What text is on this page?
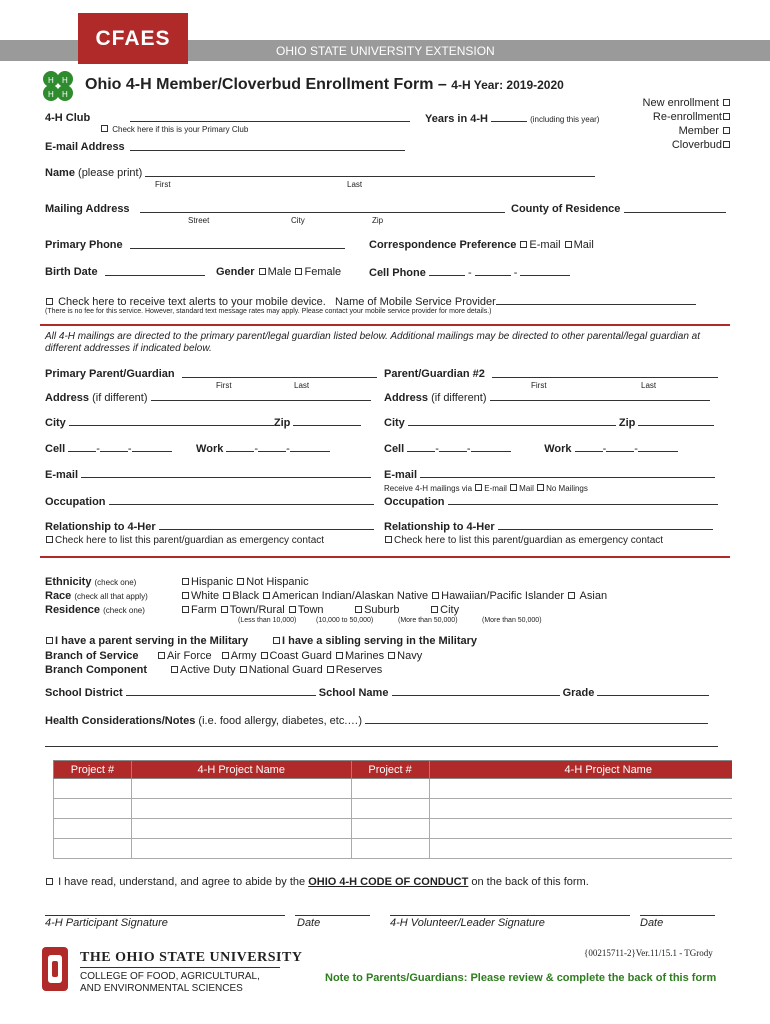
CFAES
OHIO STATE UNIVERSITY EXTENSION
H H
H H
Ohio 4-H Member/Cloverbud Enrollment Form – 4-H Year: 2019-2020
New enrollment
Re-enrollment
Member
Cloverbud
4-H Club	Years in 4-H	(including this year)
Check here if this is your Primary Club
E-mail Address
Name (please print)
First	Last
Mailing Address
Street	City	Zip
County of Residence
Primary Phone	Correspondence Preference E-mail Mail
Birth Date	Gender Male Female	Cell Phone	-	-
Check here to receive text alerts to your mobile device. Name of Mobile Service Provider
(There is no fee for this service. However, standard text message rates may apply. Please contact your mobile service provider for more details.)
All 4-H mailings are directed to the primary parent/legal guardian listed below. Additional mailings may be directed to other parental/legal guardian at different addresses if indicated below.
Primary Parent/Guardian
First	Last
Parent/Guardian #2
First	Last
Address (if different)	Address (if different)
City	Zip	City	Zip
Cell	-	-	Work	-	-	Cell	-	-	Work	-	-
E-mail	E-mail
Receive 4-H mailings via E-mail Mail No Mailings
Occupation	Occupation
Relationship to 4-Her	Relationship to 4-Her
Check here to list this parent/guardian as emergency contact	Check here to list this parent/guardian as emergency contact
Ethnicity (check one)	Hispanic Not Hispanic
Race (check all that apply)	White Black American Indian/Alaskan Native Hawaiian/Pacific Islander Asian
Residence (check one)	Farm Town/Rural Town	Suburb	City
(Less than 10,000)	(10,000 to 50,000)	(More than 50,000)	(More than 50,000)
I have a parent serving in the Military	I have a sibling serving in the Military
Branch of Service	Air Force Army Coast Guard Marines Navy
Branch Component	Active Duty National Guard Reserves
School District	School Name	Grade
Health Considerations/Notes (i.e. food allergy, diabetes, etc.…)
Project #	4-H Project Name	Project #	4-H Project Name

I have read, understand, and agree to abide by the OHIO 4-H CODE OF CONDUCT on the back of this form.
4-H Participant Signature	Date	4-H Volunteer/Leader Signature	Date
THE OHIO STATE UNIVERSITY
COLLEGE OF FOOD, AGRICULTURAL,
AND ENVIRONMENTAL SCIENCES
{00215711-2}Ver.11/15.1 - TGrody
Note to Parents/Guardians: Please review & complete the back of this form
